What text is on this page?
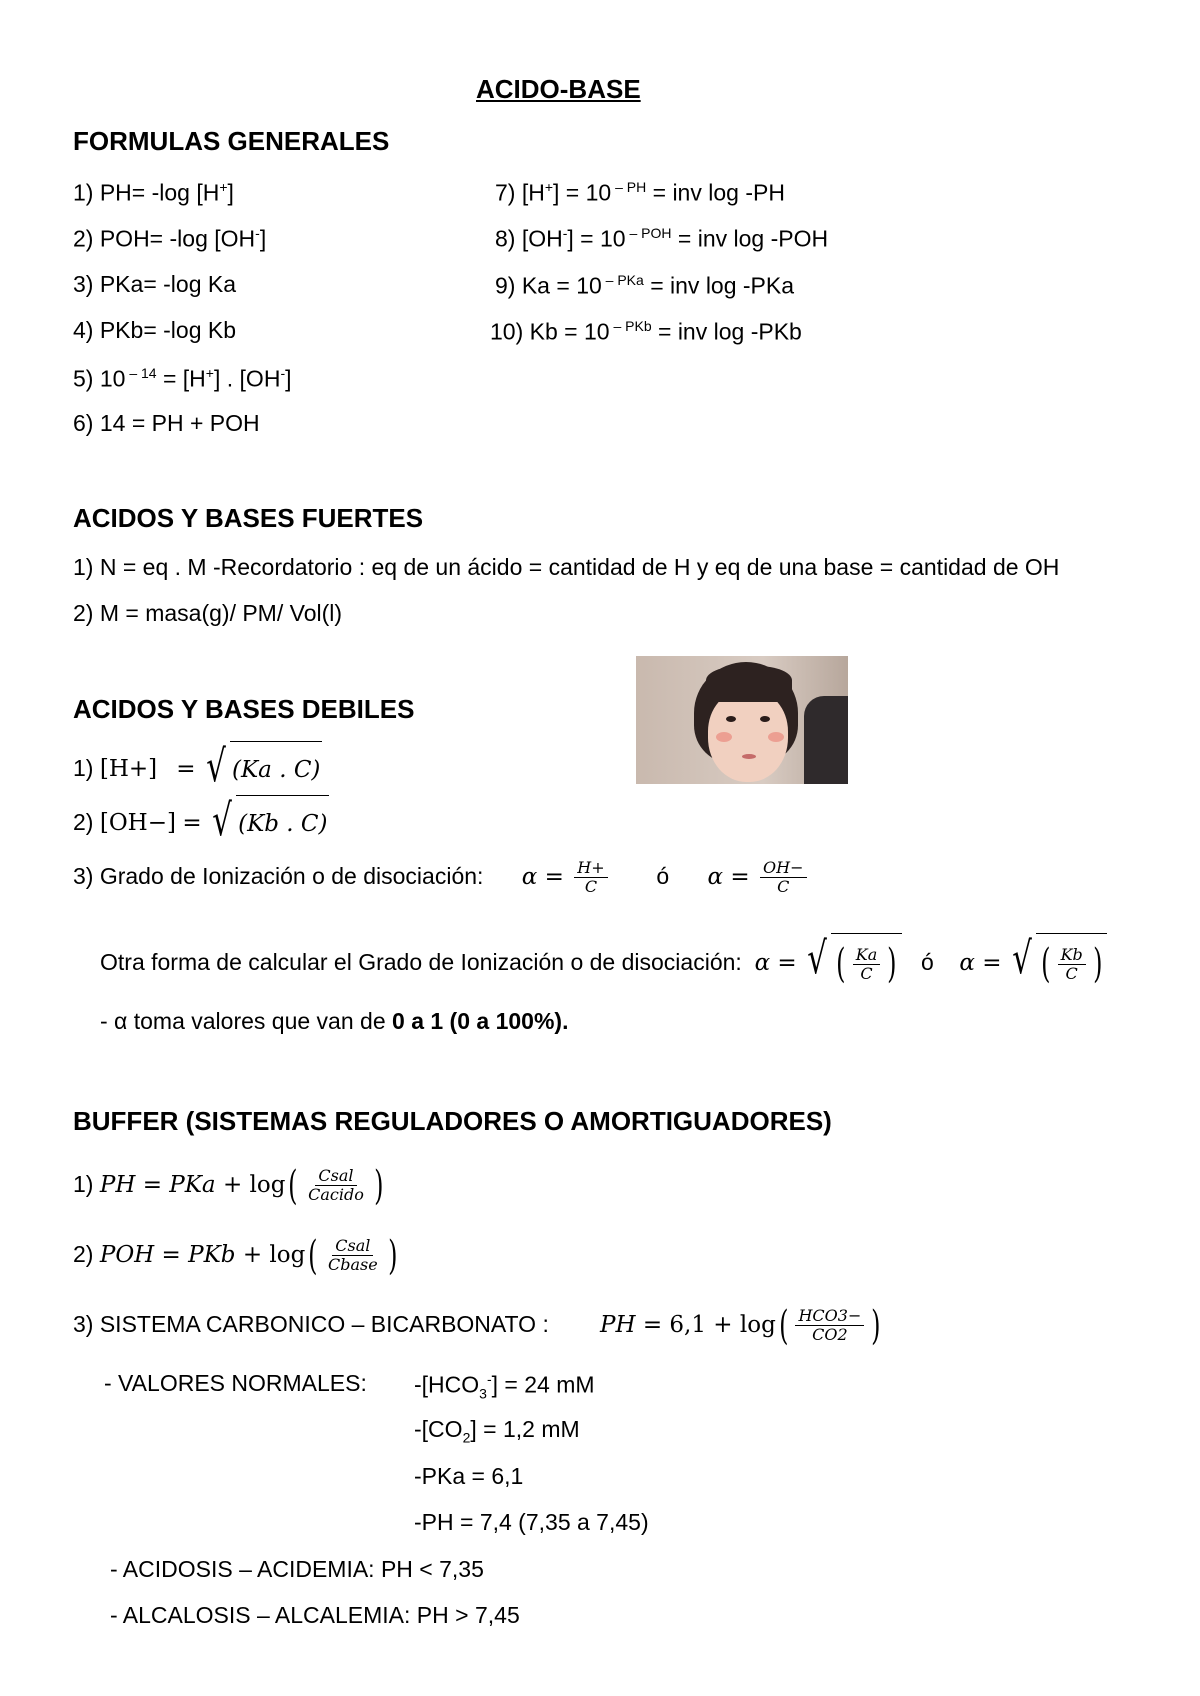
ACIDO-BASE
FORMULAS GENERALES
1) PH= -log [H+]
2) POH= -log [OH-]
3) PKa= -log Ka
4) PKb= -log Kb
5) 10 $^{- 14}$ = [H+] . [OH-]
6) 14 = PH + POH
7) [H+] = 10 $^{- PH}$ = inv log -PH
8) [OH-] = 10 $^{- POH}$ = inv log -POH
9) Ka = 10 $^{- PKa}$ = inv log -PKa
10) Kb = 10 $^{- PKb}$ = inv log -PKb
ACIDOS Y BASES FUERTES
1) N = eq . M -Recordatorio : eq de un ácido = cantidad de H y eq de una base = cantidad de OH
2) M = masa(g)/ PM/ Vol(l)
ACIDOS Y BASES DEBILES
1) [H+] = √ (Ka . C)
2) [OH−] = √ (Kb . C)
3) Grado de Ionización o de disociación: $\alpha = \frac{H+}{C}$ ó $\alpha = \frac{OH-}{C}$
Otra forma de calcular el Grado de Ionización o de disociación: α = √ ( $\frac{Ka}{C}$ ) ó α = √ ( $\frac{Kb}{C}$ )
- α toma valores que van de 0 a 1 (0 a 100%).
BUFFER (SISTEMAS REGULADORES O AMORTIGUADORES)
1) PH = PKa + $\log( \frac{\text{Csal}}{\text{Cacido}}$ )
2) POH = PKb + $\log( \frac{\text{Csal}}{\text{Cbase}}$ )
3) SISTEMA CARBONICO – BICARBONATO : PH = $6,1 + \log( \frac{\text{HCO3−}}{CO2}$ )
- VALORES NORMALES: $-[HCO_3^-] = 24$ mM
$-[CO_2] = 1,2$ mM
-PKa = 6,1
-PH = 7,4 (7,35 a 7,45)
- ACIDOSIS – ACIDEMIA: PH < 7,35
- ALCALOSIS – ALCALEMIA: PH > 7,45
